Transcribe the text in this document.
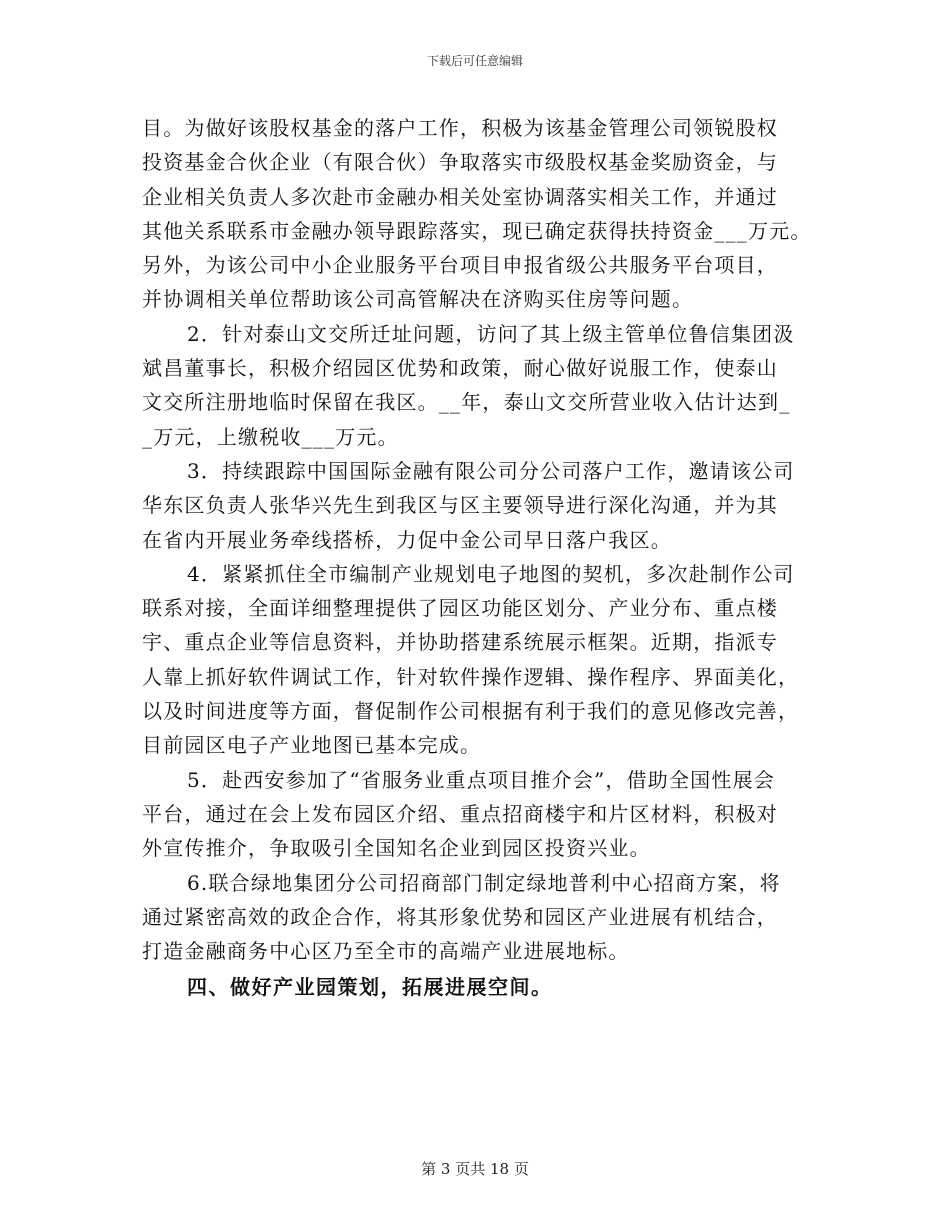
下载后可任意编辑
目。为做好该股权基金的落户工作，积极为该基金管理公司领锐股权
投资基金合伙企业（有限合伙）争取落实市级股权基金奖励资金，与
企业相关负责人多次赴市金融办相关处室协调落实相关工作，并通过
其他关系联系市金融办领导跟踪落实，现已确定获得扶持资金___万元。
另外，为该公司中小企业服务平台项目申报省级公共服务平台项目，
并协调相关单位帮助该公司高管解决在济购买住房等问题。
2．针对泰山文交所迁址问题，访问了其上级主管单位鲁信集团汲
斌昌董事长，积极介绍园区优势和政策，耐心做好说服工作，使泰山
文交所注册地临时保留在我区。__年，泰山文交所营业收入估计达到_
_万元，上缴税收___万元。
3．持续跟踪中国国际金融有限公司分公司落户工作，邀请该公司
华东区负责人张华兴先生到我区与区主要领导进行深化沟通，并为其
在省内开展业务牵线搭桥，力促中金公司早日落户我区。
4．紧紧抓住全市编制产业规划电子地图的契机，多次赴制作公司
联系对接，全面详细整理提供了园区功能区划分、产业分布、重点楼
宇、重点企业等信息资料，并协助搭建系统展示框架。近期，指派专
人靠上抓好软件调试工作，针对软件操作逻辑、操作程序、界面美化，
以及时间进度等方面，督促制作公司根据有利于我们的意见修改完善，
目前园区电子产业地图已基本完成。
5．赴西安参加了“省服务业重点项目推介会”，借助全国性展会
平台，通过在会上发布园区介绍、重点招商楼宇和片区材料，积极对
外宣传推介，争取吸引全国知名企业到园区投资兴业。
6.联合绿地集团分公司招商部门制定绿地普利中心招商方案，将
通过紧密高效的政企合作，将其形象优势和园区产业进展有机结合，
打造金融商务中心区乃至全市的高端产业进展地标。
四、做好产业园策划，拓展进展空间。
第 3 页共 18 页
